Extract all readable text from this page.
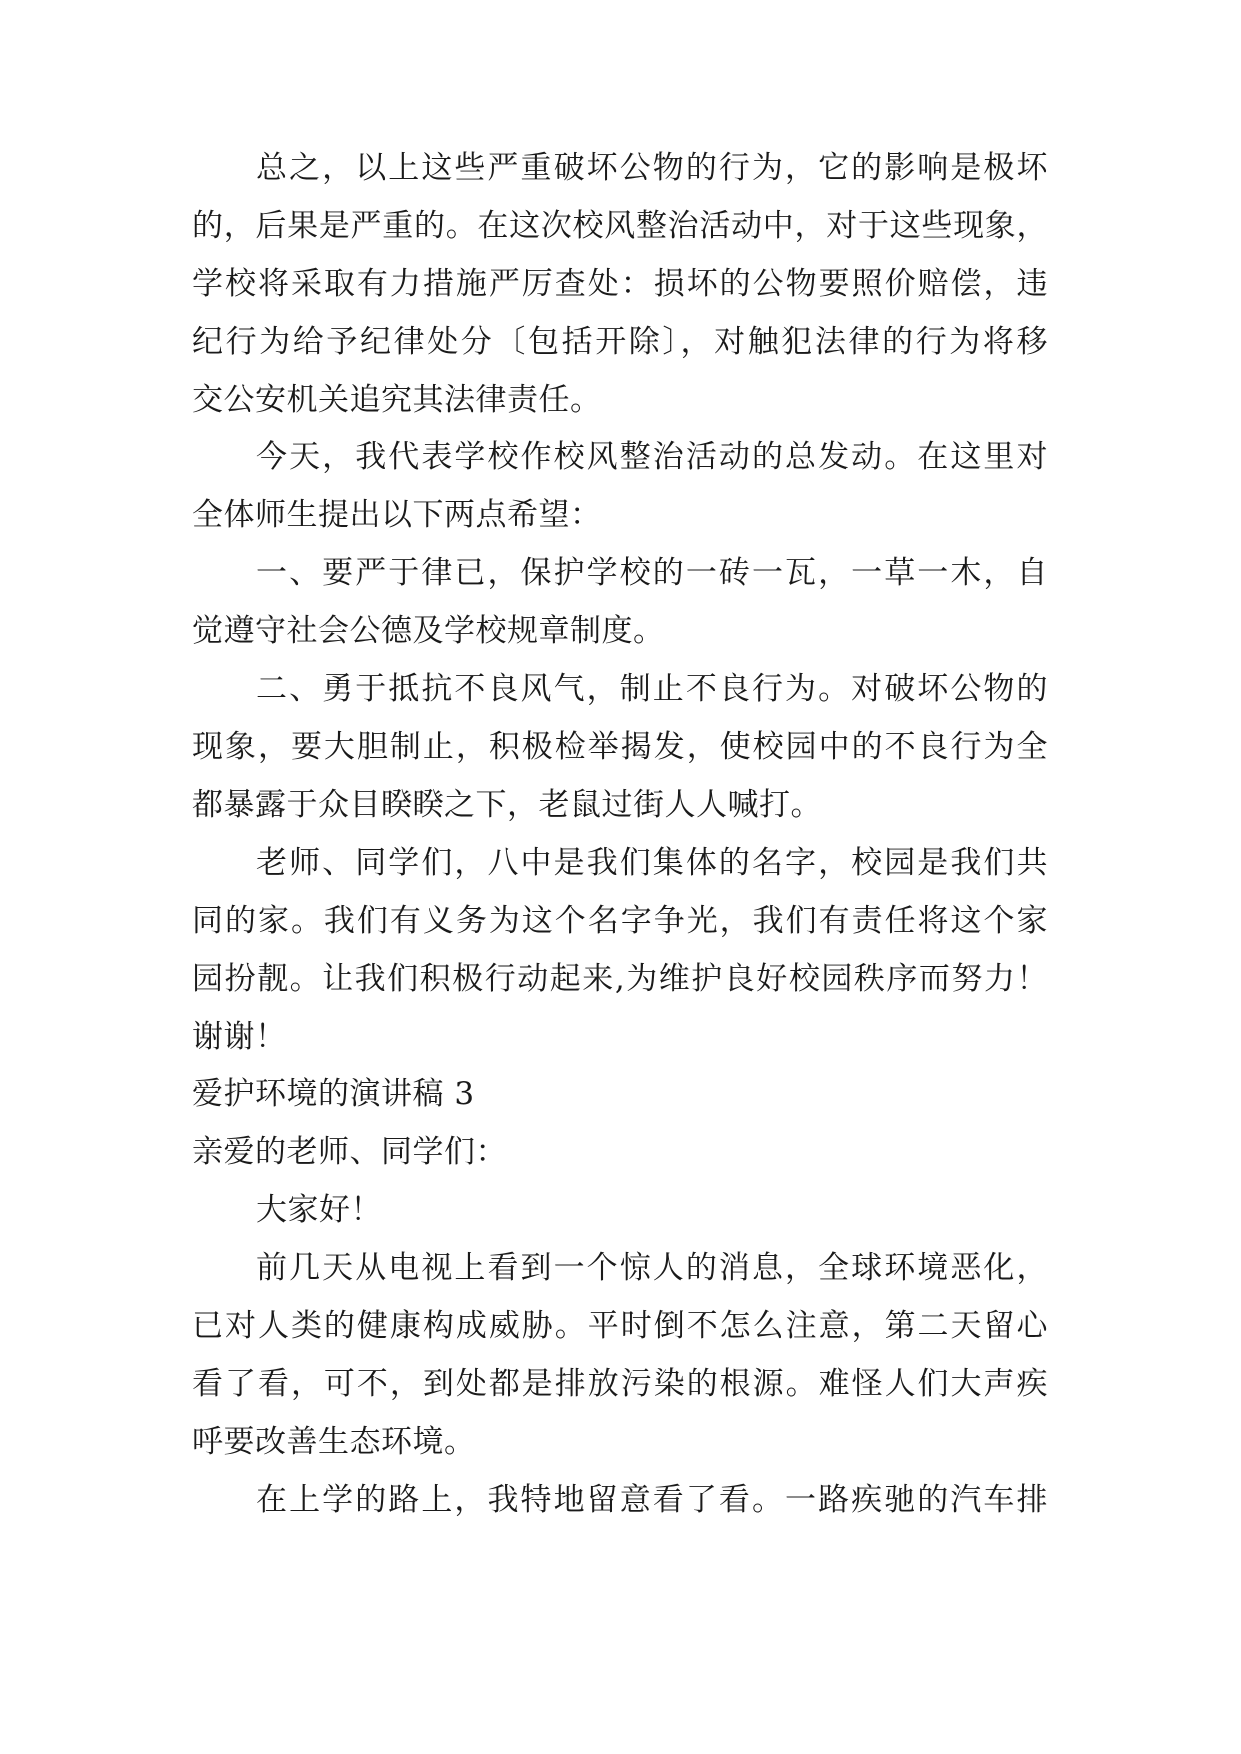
总之，以上这些严重破坏公物的行为，它的影响是极坏
的，后果是严重的。在这次校风整治活动中，对于这些现象，
学校将采取有力措施严厉查处：损坏的公物要照价赔偿，违
纪行为给予纪律处分〔包括开除〕，对触犯法律的行为将移
交公安机关追究其法律责任。
今天，我代表学校作校风整治活动的总发动。在这里对
全体师生提出以下两点希望：
一、要严于律已，保护学校的一砖一瓦，一草一木，自
觉遵守社会公德及学校规章制度。
二、勇于抵抗不良风气，制止不良行为。对破坏公物的
现象，要大胆制止，积极检举揭发，使校园中的不良行为全
都暴露于众目睽睽之下，老鼠过街人人喊打。
老师、同学们，八中是我们集体的名字，校园是我们共
同的家。我们有义务为这个名字争光，我们有责任将这个家
园扮靓。让我们积极行动起来,为维护良好校园秩序而努力！
谢谢！
爱护环境的演讲稿 3
亲爱的老师、同学们：
大家好！
前几天从电视上看到一个惊人的消息，全球环境恶化，
已对人类的健康构成威胁。平时倒不怎么注意，第二天留心
看了看，可不，到处都是排放污染的根源。难怪人们大声疾
呼要改善生态环境。
在上学的路上，我特地留意看了看。一路疾驰的汽车排
